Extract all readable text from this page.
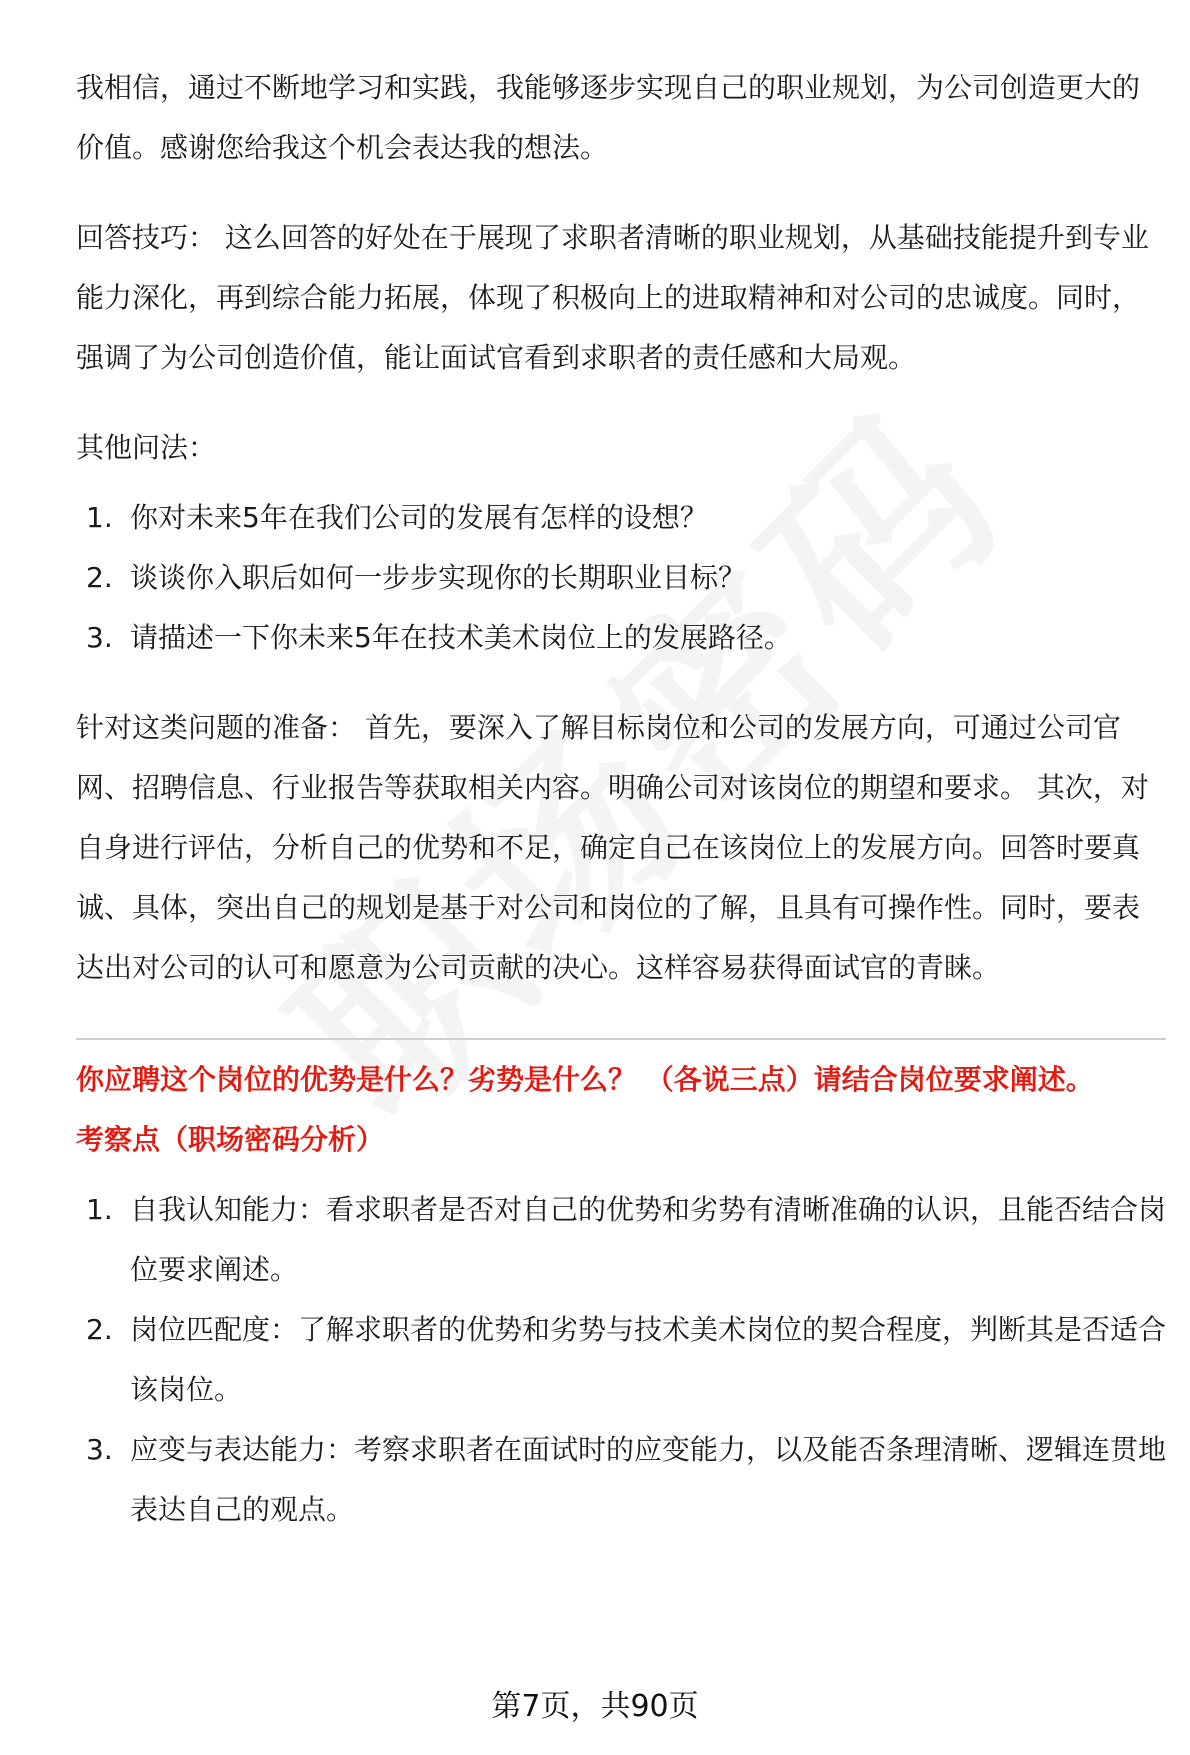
我相信，通过不断地学习和实践，我能够逐步实现自己的职业规划，为公司创造更大的价值。感谢您给我这个机会表达我的想法。

回答技巧： 这么回答的好处在于展现了求职者清晰的职业规划，从基础技能提升到专业能力深化，再到综合能力拓展，体现了积极向上的进取精神和对公司的忠诚度。同时，强调了为公司创造价值，能让面试官看到求职者的责任感和大局观。

其他问法：

1. 你对未来5年在我们公司的发展有怎样的设想？
2. 谈谈你入职后如何一步步实现你的长期职业目标？
3. 请描述一下你未来5年在技术美术岗位上的发展路径。

针对这类问题的准备： 首先，要深入了解目标岗位和公司的发展方向，可通过公司官网、招聘信息、行业报告等获取相关内容。明确公司对该岗位的期望和要求。 其次，对自身进行评估，分析自己的优势和不足，确定自己在该岗位上的发展方向。回答时要真诚、具体，突出自己的规划是基于对公司和岗位的了解，且具有可操作性。同时，要表达出对公司的认可和愿意为公司贡献的决心。这样容易获得面试官的青睐。

你应聘这个岗位的优势是什么？劣势是什么？ （各说三点）请结合岗位要求阐述。
考察点（职场密码分析）
1. 自我认知能力：看求职者是否对自己的优势和劣势有清晰准确的认识，且能否结合岗位要求阐述。
2. 岗位匹配度：了解求职者的优势和劣势与技术美术岗位的契合程度，判断其是否适合该岗位。
3. 应变与表达能力：考察求职者在面试时的应变能力，以及能否条理清晰、逻辑连贯地表达自己的观点。
第7页，共90页
